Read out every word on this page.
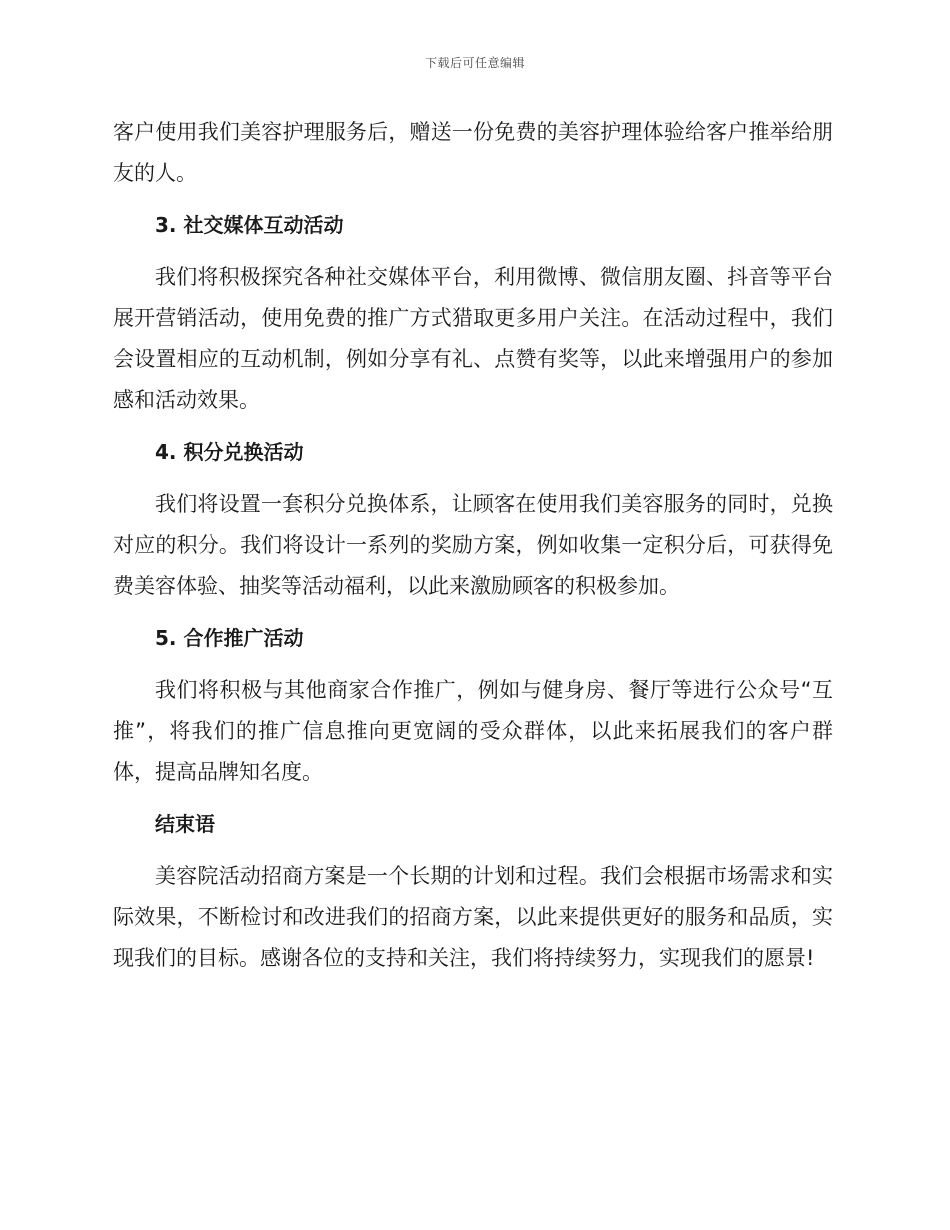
下载后可任意编辑

客户使用我们美容护理服务后，赠送一份免费的美容护理体验给客户推举给朋友的人。

3. 社交媒体互动活动

我们将积极探究各种社交媒体平台，利用微博、微信朋友圈、抖音等平台展开营销活动，使用免费的推广方式猎取更多用户关注。在活动过程中，我们会设置相应的互动机制，例如分享有礼、点赞有奖等，以此来增强用户的参加感和活动效果。

4. 积分兑换活动

我们将设置一套积分兑换体系，让顾客在使用我们美容服务的同时，兑换对应的积分。我们将设计一系列的奖励方案，例如收集一定积分后，可获得免费美容体验、抽奖等活动福利，以此来激励顾客的积极参加。

5. 合作推广活动

我们将积极与其他商家合作推广，例如与健身房、餐厅等进行公众号“互推”，将我们的推广信息推向更宽阔的受众群体，以此来拓展我们的客户群体，提高品牌知名度。

结束语

美容院活动招商方案是一个长期的计划和过程。我们会根据市场需求和实际效果，不断检讨和改进我们的招商方案，以此来提供更好的服务和品质，实现我们的目标。感谢各位的支持和关注，我们将持续努力，实现我们的愿景!
